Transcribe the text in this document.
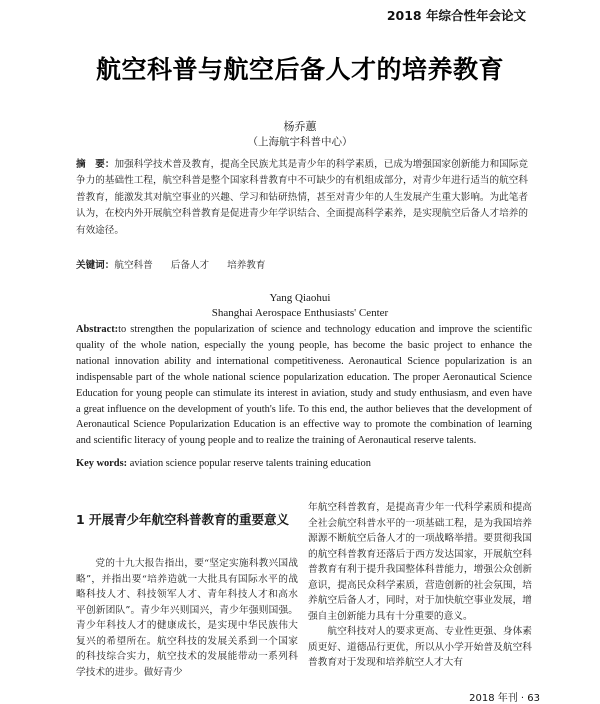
2018 年综合性年会论文
航空科普与航空后备人才的培养教育
杨乔蕙
（上海航宇科普中心）

摘　要：加强科学技术普及教育，提高全民族尤其是青少年的科学素质，已成为增强国家创新能力和国际竞争力的基础性工程，航空科普是整个国家科普教育中不可缺少的有机组成部分，对青少年进行适当的航空科普教育，能激发其对航空事业的兴趣、学习和钻研热情，甚至对青少年的人生发展产生重大影响。为此笔者认为，在校内外开展航空科普教育是促进青少年学识结合、全面提高科学素养，是实现航空后备人才培养的有效途径。

关键词：航空科普 后备人才 培养教育
Yang Qiaohui
Shanghai Aerospace Enthusiasts' Center

Abstract:to strengthen the popularization of science and technology education and improve the scientific quality of the whole nation, especially the young people, has become the basic project to enhance the national innovation ability and international competitiveness. Aeronautical Science popularization is an indispensable part of the whole national science popularization education. The proper Aeronautical Science Education for young people can stimulate its interest in aviation, study and study enthusiasm, and even have a great influence on the development of youth's life. To this end, the author believes that the development of Aeronautical Science Popularization Education is an effective way to promote the combination of learning and scientific literacy of young people and to realize the training of Aeronautical reserve talents.

Key words: aviation science popular reserve talents training education
1 开展青少年航空科普教育的重要意义

党的十九大报告指出，要“坚定实施科教兴国战略”，并指出要“培养造就一大批具有国际水平的战略科技人才、科技领军人才、青年科技人才和高水平创新团队”。青少年兴则国兴，青少年强则国强。青少年科技人才的健康成长，是实现中华民族伟大复兴的希望所在。航空科技的发展关系到一个国家的科技综合实力，航空技术的发展能带动一系列科学技术的进步。做好青少

年航空科普教育，是提高青少年一代科学素质和提高全社会航空科普水平的一项基础工程，是为我国培养源源不断航空后备人才的一项战略举措。要贯彻我国的航空科普教育还落后于西方发达国家，开展航空科普教育有利于提升我国整体科普能力，增强公众创新意识，提高民众科学素质，营造创新的社会氛围，培养航空后备人才，同时，对于加快航空事业发展，增强自主创新能力具有十分重要的意义。

航空科技对人的要求更高、专业性更强、身体素质更好、道德品行更优，所以从小学开始普及航空科普教育对于发现和培养航空人才大有

2018 年刊 · 63
